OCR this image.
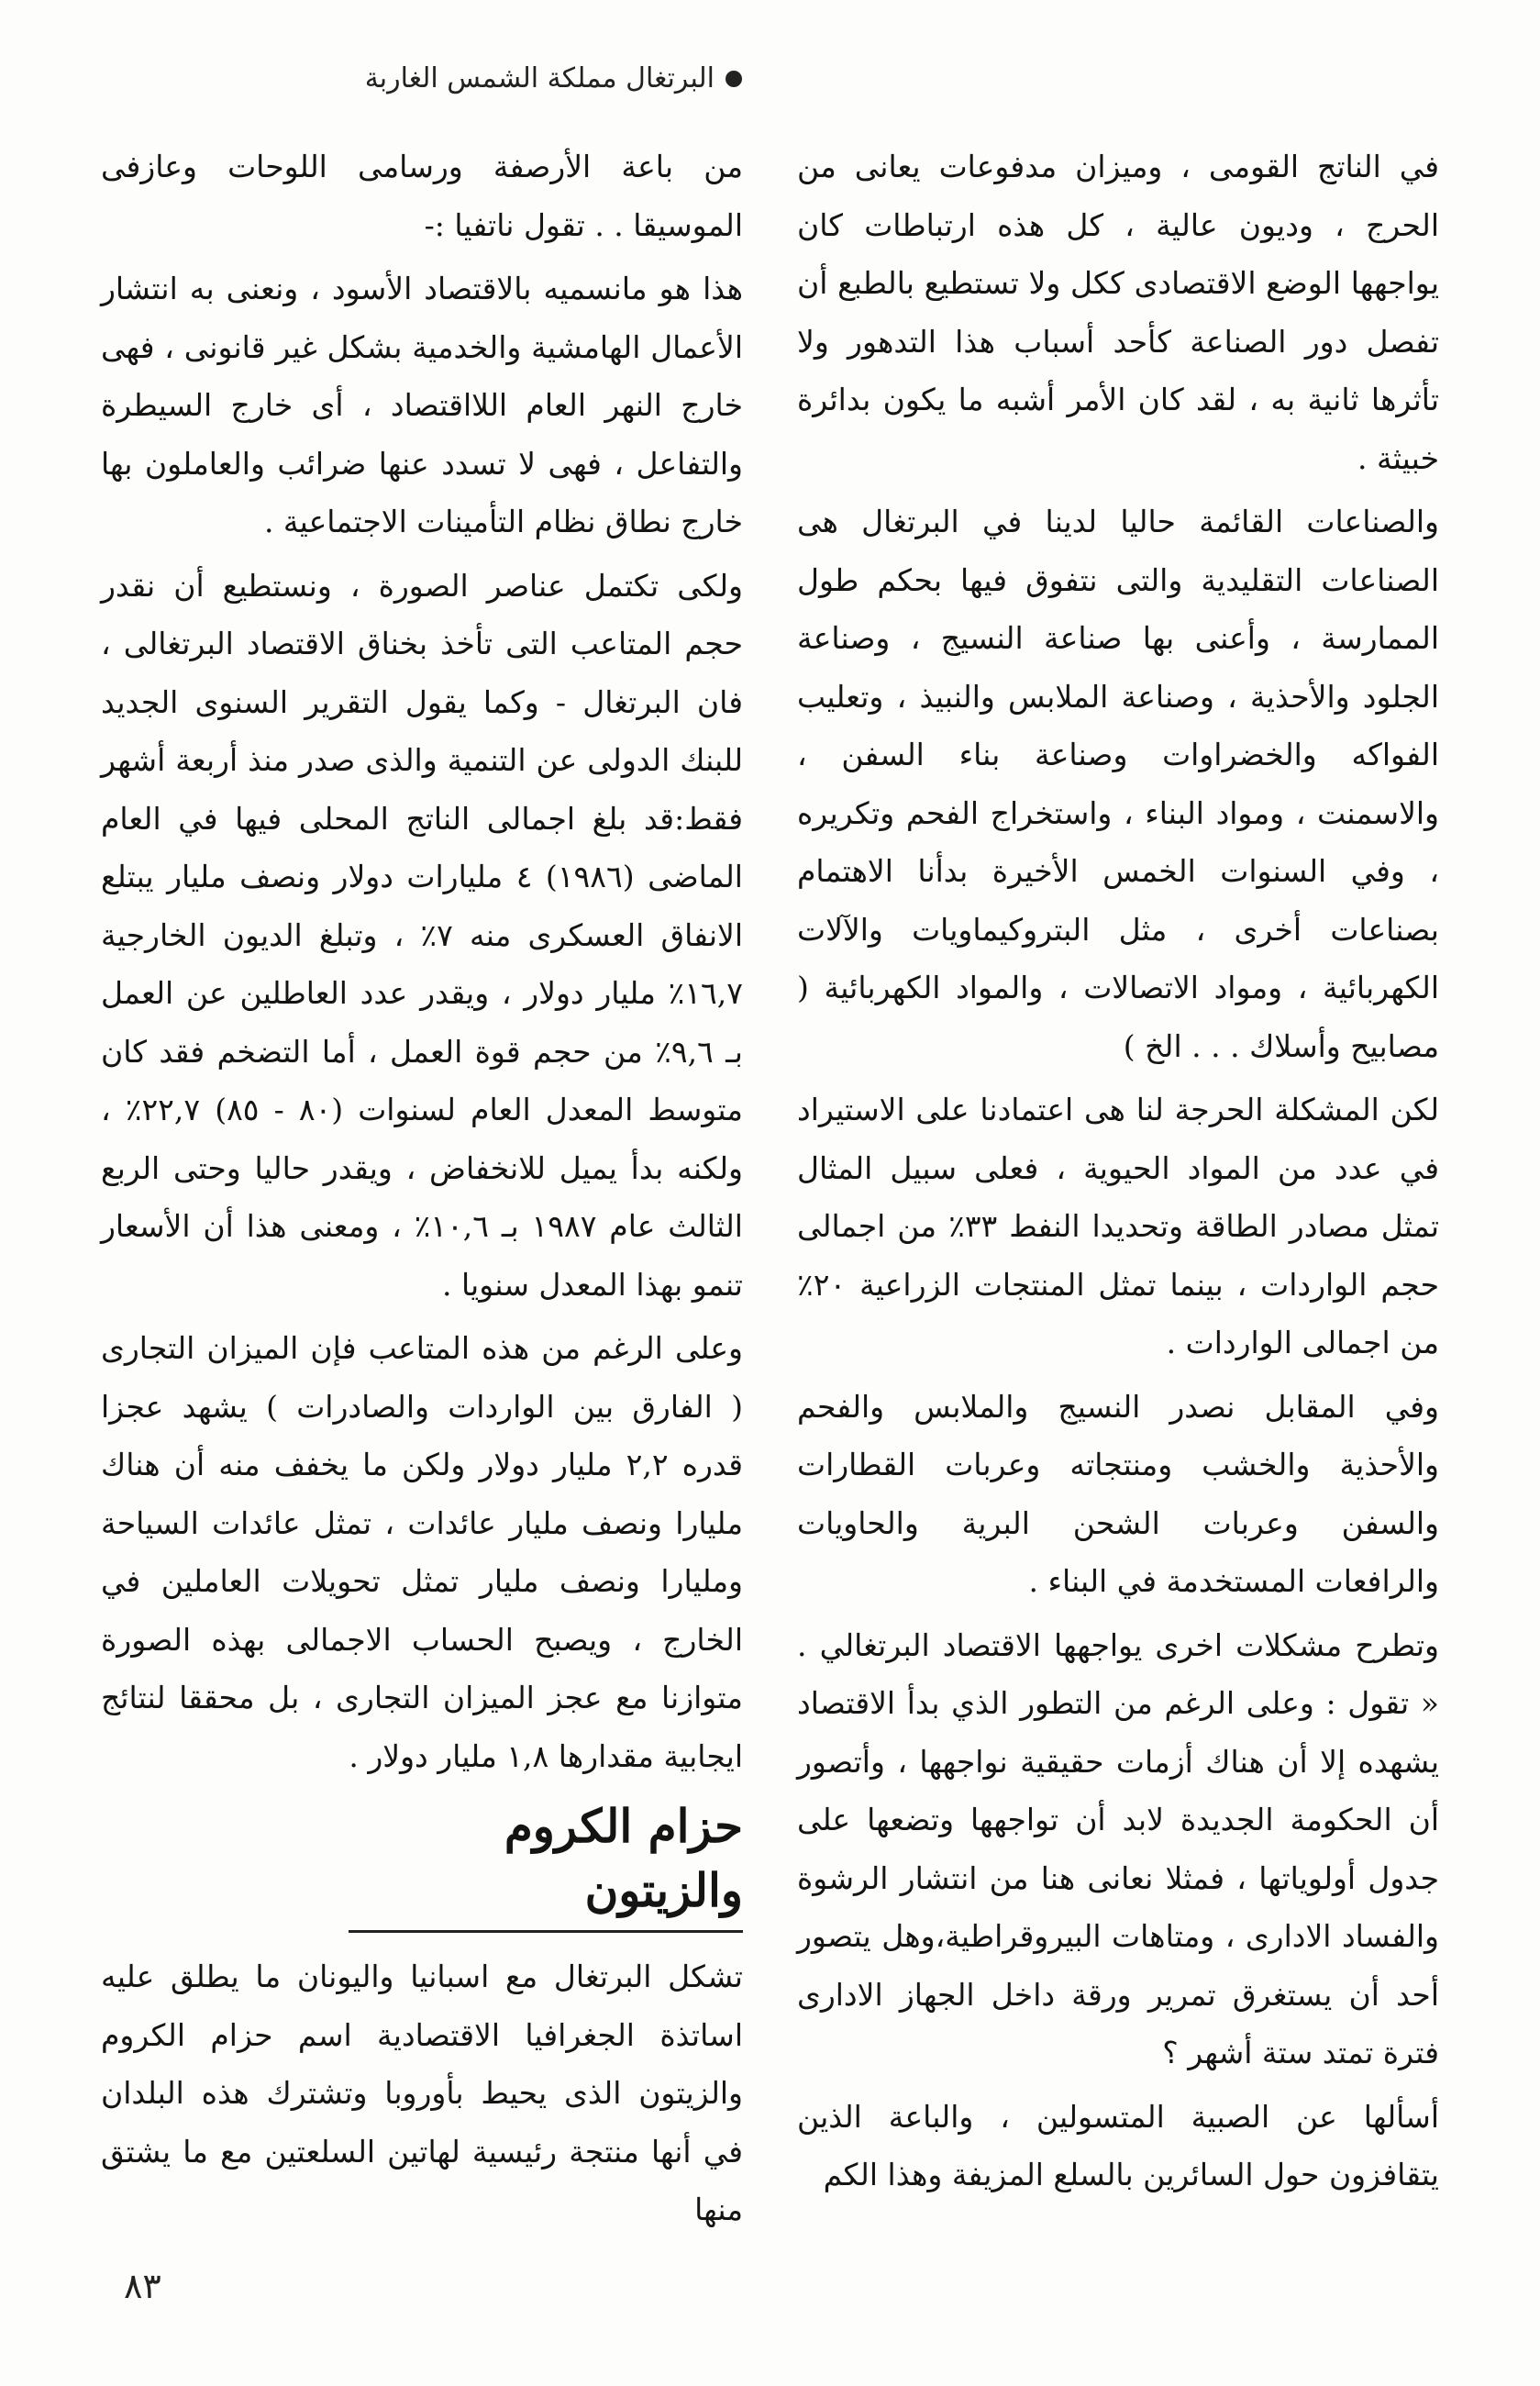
البرتغال مملكة الشمس الغاربة

في الناتج القومى ، وميزان مدفوعات يعانى من الحرج ، وديون عالية ، كل هذه ارتباطات كان يواجهها الوضع الاقتصادى ككل ولا تستطيع بالطبع أن تفصل دور الصناعة كأحد أسباب هذا التدهور ولا تأثرها ثانية به ، لقد كان الأمر أشبه ما يكون بدائرة خبيثة .

والصناعات القائمة حاليا لدينا في البرتغال هى الصناعات التقليدية والتى نتفوق فيها بحكم طول الممارسة ، وأعنى بها صناعة النسيج ، وصناعة الجلود والأحذية ، وصناعة الملابس والنبيذ ، وتعليب الفواكه والخضراوات وصناعة بناء السفن ، والاسمنت ، ومواد البناء ، واستخراج الفحم وتكريره ، وفي السنوات الخمس الأخيرة بدأنا الاهتمام بصناعات أخرى ، مثل البتروكيماويات والآلات الكهربائية ، ومواد الاتصالات ، والمواد الكهربائية ( مصابيح وأسلاك . . . الخ )

لكن المشكلة الحرجة لنا هى اعتمادنا على الاستيراد في عدد من المواد الحيوية ، فعلى سبيل المثال تمثل مصادر الطاقة وتحديدا النفط ٣٣٪ من اجمالى حجم الواردات ، بينما تمثل المنتجات الزراعية ٢٠٪ من اجمالى الواردات .

وفي المقابل نصدر النسيج والملابس والفحم والأحذية والخشب ومنتجاته وعربات القطارات والسفن وعربات الشحن البرية والحاويات والرافعات المستخدمة في البناء .

وتطرح مشكلات اخرى يواجهها الاقتصاد البرتغالي . « تقول : وعلى الرغم من التطور الذي بدأ الاقتصاد يشهده إلا أن هناك أزمات حقيقية نواجهها ، وأتصور أن الحكومة الجديدة لابد أن تواجهها وتضعها على جدول أولوياتها ، فمثلا نعانى هنا من انتشار الرشوة والفساد الادارى ، ومتاهات البيروقراطية،وهل يتصور أحد أن يستغرق تمرير ورقة داخل الجهاز الادارى فترة تمتد ستة أشهر ؟

أسألها عن الصبية المتسولين ، والباعة الذين يتقافزون حول السائرين بالسلع المزيفة وهذا الكم

من باعة الأرصفة ورسامى اللوحات وعازفى الموسيقا . . تقول ناتفيا :-

هذا هو مانسميه بالاقتصاد الأسود ، ونعنى به انتشار الأعمال الهامشية والخدمية بشكل غير قانونى ، فهى خارج النهر العام اللااقتصاد ، أى خارج السيطرة والتفاعل ، فهى لا تسدد عنها ضرائب والعاملون بها خارج نطاق نظام التأمينات الاجتماعية .

ولكى تكتمل عناصر الصورة ، ونستطيع أن نقدر حجم المتاعب التى تأخذ بخناق الاقتصاد البرتغالى ، فان البرتغال - وكما يقول التقرير السنوى الجديد للبنك الدولى عن التنمية والذى صدر منذ أربعة أشهر فقط:قد بلغ اجمالى الناتج المحلى فيها في العام الماضى (١٩٨٦) ٤ مليارات دولار ونصف مليار يبتلع الانفاق العسكرى منه ٧٪ ، وتبلغ الديون الخارجية ١٦,٧٪ مليار دولار ، ويقدر عدد العاطلين عن العمل بـ ٩,٦٪ من حجم قوة العمل ، أما التضخم فقد كان متوسط المعدل العام لسنوات (٨٠ - ٨٥) ٢٢,٧٪ ، ولكنه بدأ يميل للانخفاض ، ويقدر حاليا وحتى الربع الثالث عام ١٩٨٧ بـ ١٠,٦٪ ، ومعنى هذا أن الأسعار تنمو بهذا المعدل سنويا .

وعلى الرغم من هذه المتاعب فإن الميزان التجارى ( الفارق بين الواردات والصادرات ) يشهد عجزا قدره ٢,٢ مليار دولار ولكن ما يخفف منه أن هناك مليارا ونصف مليار عائدات ، تمثل عائدات السياحة ومليارا ونصف مليار تمثل تحويلات العاملين في الخارج ، ويصبح الحساب الاجمالى بهذه الصورة متوازنا مع عجز الميزان التجارى ، بل محققا لنتائج ايجابية مقدارها ١,٨ مليار دولار .

حزام الكروم والزيتون

تشكل البرتغال مع اسبانيا واليونان ما يطلق عليه اساتذة الجغرافيا الاقتصادية اسم حزام الكروم والزيتون الذى يحيط بأوروبا وتشترك هذه البلدان في أنها منتجة رئيسية لهاتين السلعتين مع ما يشتق منها

٨٣
